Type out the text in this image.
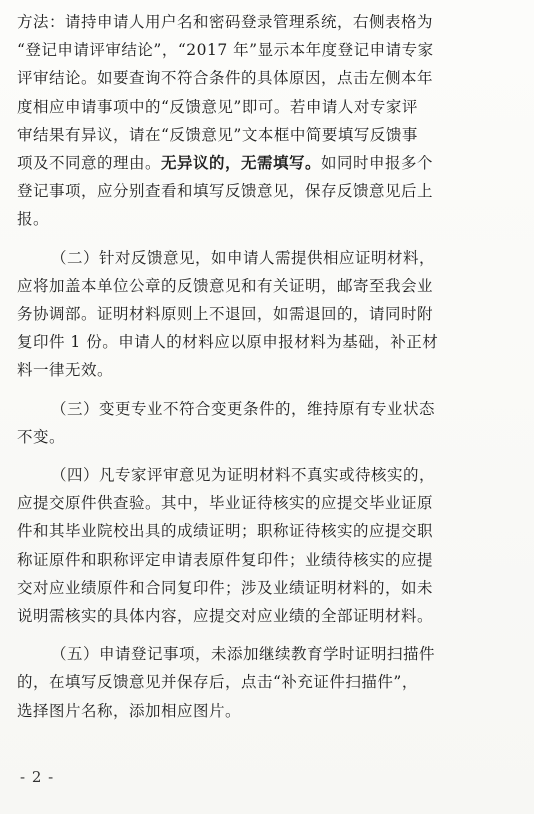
方法：请持申请人用户名和密码登录管理系统，右侧表格为
“登记申请评审结论”，“2017 年”显示本年度登记申请专家
评审结论。如要查询不符合条件的具体原因，点击左侧本年
度相应申请事项中的“反馈意见”即可。若申请人对专家评
审结果有异议，请在“反馈意见”文本框中简要填写反馈事
项及不同意的理由。无异议的，无需填写。如同时申报多个
登记事项，应分别查看和填写反馈意见，保存反馈意见后上
报。

（二）针对反馈意见，如申请人需提供相应证明材料，
应将加盖本单位公章的反馈意见和有关证明，邮寄至我会业
务协调部。证明材料原则上不退回，如需退回的，请同时附
复印件 1 份。申请人的材料应以原申报材料为基础，补正材
料一律无效。

（三）变更专业不符合变更条件的，维持原有专业状态
不变。

（四）凡专家评审意见为证明材料不真实或待核实的，
应提交原件供查验。其中，毕业证待核实的应提交毕业证原
件和其毕业院校出具的成绩证明；职称证待核实的应提交职
称证原件和职称评定申请表原件复印件；业绩待核实的应提
交对应业绩原件和合同复印件；涉及业绩证明材料的，如未
说明需核实的具体内容，应提交对应业绩的全部证明材料。

（五）申请登记事项，未添加继续教育学时证明扫描件
的，在填写反馈意见并保存后，点击“补充证件扫描件”，
选择图片名称，添加相应图片。

- 2 -
